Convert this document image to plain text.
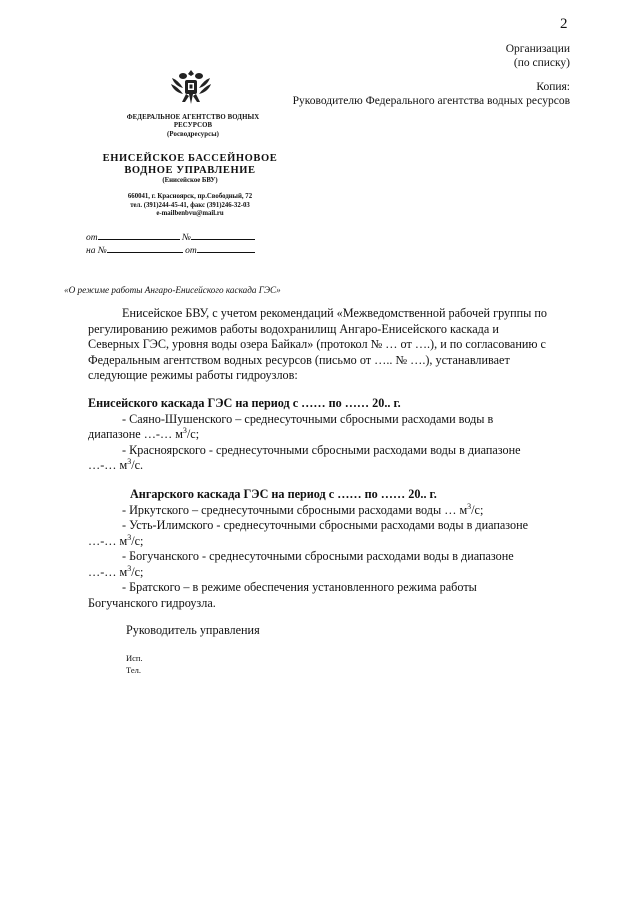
2
Организации
(по списку)
Копия:
Руководителю Федерального агентства водных ресурсов
ФЕДЕРАЛЬНОЕ АГЕНТСТВО ВОДНЫХ
РЕСУРСОВ
(Росводресурсы)
ЕНИСЕЙСКОЕ БАССЕЙНОВОЕ
ВОДНОЕ УПРАВЛЕНИЕ
(Енисейское БВУ)
660041, г. Красноярск, пр.Свободный, 72
тел. (391)244-45-41, факс (391)246-32-03
e-mailbenbvu@mail.ru
от	№
на №	от
«О режиме работы Ангаро-Енисейского каскада ГЭС»
Енисейское БВУ, с учетом рекомендаций «Межведомственной рабочей группы по регулированию режимов работы водохранилищ Ангаро-Енисейского каскада и Северных ГЭС, уровня воды озера Байкал» (протокол № … от ….), и по согласованию с Федеральным агентством водных ресурсов (письмо от ….. № ….), устанавливает следующие режимы работы гидроузлов:
Енисейского каскада ГЭС на период с …… по …… 20.. г.
- Саяно-Шушенского – среднесуточными сбросными расходами воды в
диапазоне …-… $м^3/с$;
- Красноярского - среднесуточными сбросными расходами воды в диапазоне
…-… $м^3/с$.
Ангарского каскада ГЭС на период с …… по …… 20.. г.
- Иркутского – среднесуточными сбросными расходами воды … $м^3/с$;
- Усть-Илимского - среднесуточными сбросными расходами воды в диапазоне
…-… $м^3/с$;
- Богучанского - среднесуточными сбросными расходами воды в диапазоне
…-… $м^3/с$;
- Братского – в режиме обеспечения установленного режима работы
Богучанского гидроузла.
Руководитель управления
Исп.
Тел.
